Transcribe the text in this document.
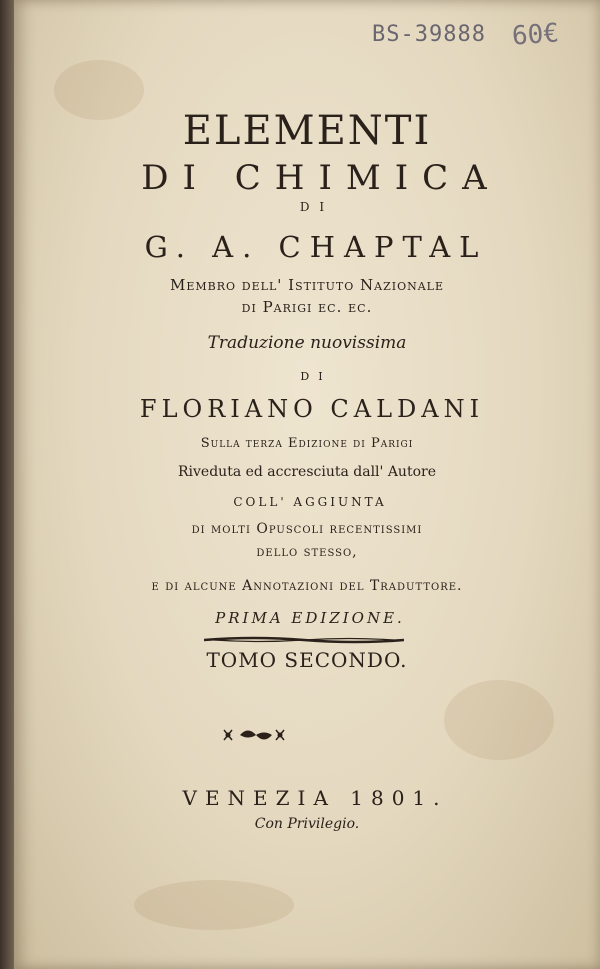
BS-39888 60€
ELEMENTI
DI CHIMICA
DI
G. A. CHAPTAL
Membro dell' Istituto Nazionale
di Parigi ec. ec.
Traduzione nuovissima
DI
FLORIANO CALDANI
Sulla terza Edizione di Parigi
Riveduta ed accresciuta dall' Autore
COLL' AGGIUNTA
di molti Opuscoli recentissimi
dello stesso,
e di alcune Annotazioni del Traduttore.
PRIMA EDIZIONE.
TOMO SECONDO.
VENEZIA 1801.
Con Privilegio.
